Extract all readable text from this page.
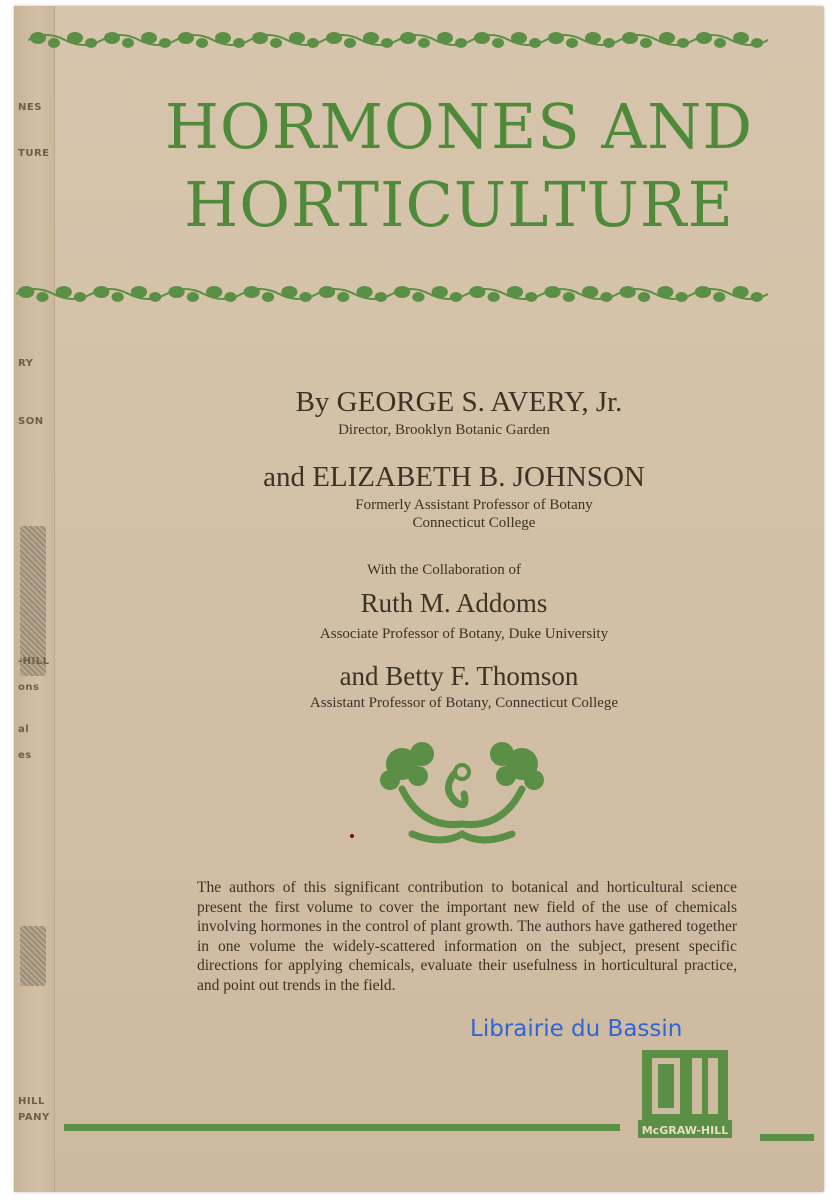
NES
TURE
RY
SON
-HILL
ons
al
es
HILL
PANY
HORMONES AND
HORTICULTURE
By GEORGE S. AVERY, Jr.
Director, Brooklyn Botanic Garden
and ELIZABETH B. JOHNSON
Formerly Assistant Professor of Botany
Connecticut College
With the Collaboration of
Ruth M. Addoms
Associate Professor of Botany, Duke University
and Betty F. Thomson
Assistant Professor of Botany, Connecticut College
The authors of this significant contribution to botanical and horticultural science present the first volume to cover the important new field of the use of chemicals involving hormones in the control of plant growth. The authors have gathered together in one volume the widely-scattered information on the subject, present specific directions for applying chemicals, evaluate their usefulness in horticultural practice, and point out trends in the field.
Librairie du Bassin
McGRAW-HILL
